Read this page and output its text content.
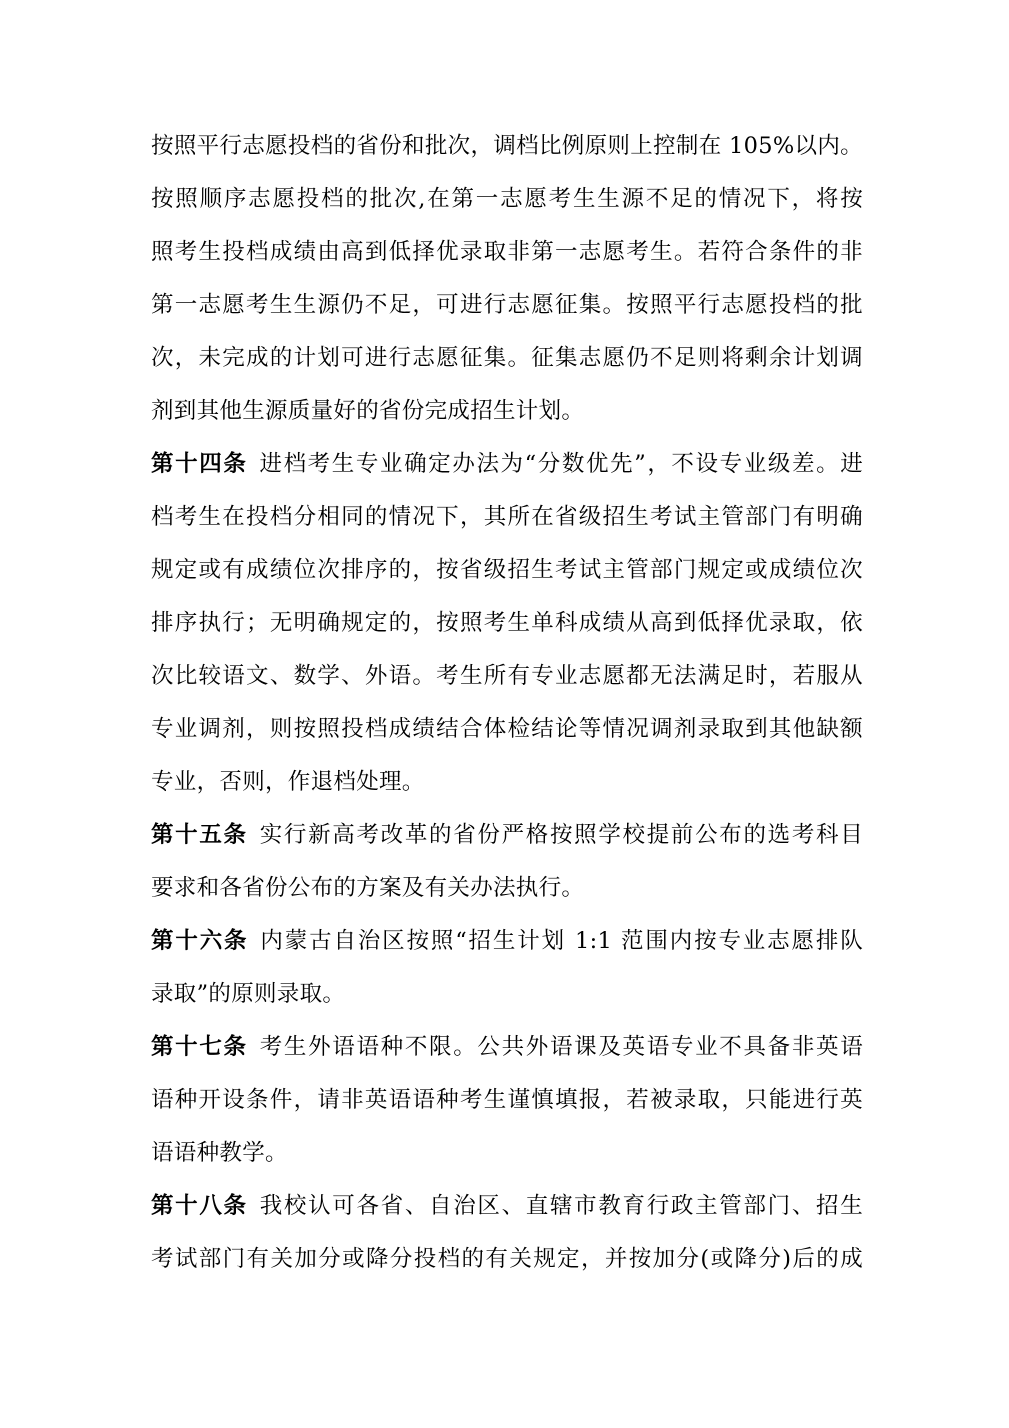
按照平行志愿投档的省份和批次，调档比例原则上控制在 105%以内。
按照顺序志愿投档的批次,在第一志愿考生生源不足的情况下，将按
照考生投档成绩由高到低择优录取非第一志愿考生。若符合条件的非
第一志愿考生生源仍不足，可进行志愿征集。按照平行志愿投档的批
次，未完成的计划可进行志愿征集。征集志愿仍不足则将剩余计划调
剂到其他生源质量好的省份完成招生计划。
第十四条 进档考生专业确定办法为“分数优先”，不设专业级差。进
档考生在投档分相同的情况下，其所在省级招生考试主管部门有明确
规定或有成绩位次排序的，按省级招生考试主管部门规定或成绩位次
排序执行；无明确规定的，按照考生单科成绩从高到低择优录取，依
次比较语文、数学、外语。考生所有专业志愿都无法满足时，若服从
专业调剂，则按照投档成绩结合体检结论等情况调剂录取到其他缺额
专业，否则，作退档处理。
第十五条 实行新高考改革的省份严格按照学校提前公布的选考科目
要求和各省份公布的方案及有关办法执行。
第十六条 内蒙古自治区按照“招生计划 1:1 范围内按专业志愿排队
录取”的原则录取。
第十七条 考生外语语种不限。公共外语课及英语专业不具备非英语
语种开设条件，请非英语语种考生谨慎填报，若被录取，只能进行英
语语种教学。
第十八条 我校认可各省、自治区、直辖市教育行政主管部门、招生
考试部门有关加分或降分投档的有关规定，并按加分(或降分)后的成
